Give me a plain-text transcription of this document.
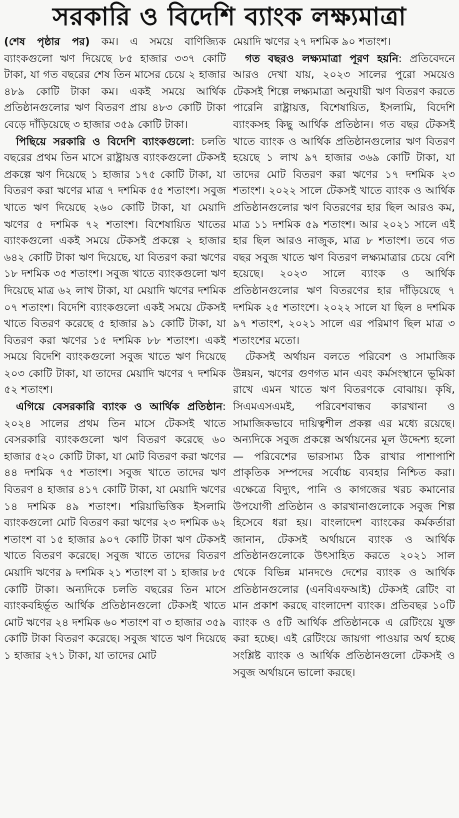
সরকারি ও বিদেশি ব্যাংক লক্ষ্যমাত্রা

(শেষ পৃষ্ঠার পর) কম। এ সময়ে বাণিজ্যিক ব্যাংকগুলো ঋণ দিয়েছে ৮৫ হাজার ৩৩৭ কোটি টাকা, যা গত বছরের শেষ তিন মাসের চেয়ে ২ হাজার ৪৮৯ কোটি টাকা কম। একই সময়ে আর্থিক প্রতিষ্ঠানগুলোর ঋণ বিতরণ প্রায় ৪৮৩ কোটি টাকা বেড়ে দাঁড়িয়েছে ৩ হাজার ৩৫৯ কোটি টাকা।

পিছিয়ে সরকারি ও বিদেশি ব্যাংকগুলো: চলতি বছরের প্রথম তিন মাসে রাষ্ট্রায়ত্ত ব্যাংকগুলো টেকসই প্রকল্পে ঋণ দিয়েছে ১ হাজার ১৭৫ কোটি টাকা, যা বিতরণ করা ঋণের মাত্র ৭ দশমিক ৫৫ শতাংশ। সবুজ খাতে ঋণ দিয়েছে ২৬০ কোটি টাকা, যা মেয়াদি ঋণের ৫ দশমিক ৭২ শতাংশ। বিশেষায়িত খাতের ব্যাংকগুলো একই সময়ে টেকসই প্রকল্পে ২ হাজার ৬৪২ কোটি টাকা ঋণ দিয়েছে, যা বিতরণ করা ঋণের ১৮ দশমিক ৩৫ শতাংশ। সবুজ খাতে ব্যাংকগুলো ঋণ দিয়েছে মাত্র ৬২ লাখ টাকা, যা মেয়াদি ঋণের দশমিক ০৭ শতাংশ। বিদেশি ব্যাংকগুলো একই সময়ে টেকসই খাতে বিতরণ করেছে ৫ হাজার ৯১ কোটি টাকা, যা বিতরণ করা ঋণের ১৫ দশমিক ৮৮ শতাংশ। একই সময়ে বিদেশি ব্যাংকগুলো সবুজ খাতে ঋণ দিয়েছে ২০৩ কোটি টাকা, যা তাদের মেয়াদি ঋণের ৭ দশমিক ৫২ শতাংশ।

এগিয়ে বেসরকারি ব্যাংক ও আর্থিক প্রতিষ্ঠান: ২০২৪ সালের প্রথম তিন মাসে টেকসই খাতে বেসরকারি ব্যাংকগুলো ঋণ বিতরণ করেছে ৬০ হাজার ৫২০ কোটি টাকা, যা মোট বিতরণ করা ঋণের ৪৪ দশমিক ৭৫ শতাংশ। সবুজ খাতে তাদের ঋণ বিতরণ ৪ হাজার ৪১৭ কোটি টাকা, যা মেয়াদি ঋণের ১৪ দশমিক ৪৯ শতাংশ। শরিয়াভিত্তিক ইসলামি ব্যাংকগুলো মোট বিতরণ করা ঋণের ২৩ দশমিক ৬২ শতাংশ বা ১৫ হাজার ৯০৭ কোটি টাকা ঋণ টেকসই খাতে বিতরণ করেছে। সবুজ খাতে তাদের বিতরণ মেয়াদি ঋণের ৯ দশমিক ২১ শতাংশ বা ১ হাজার ৮৫ কোটি টাকা। অন্যদিকে চলতি বছরের তিন মাসে ব্যাংকবহির্ভূত আর্থিক প্রতিষ্ঠানগুলো টেকসই খাতে মোট ঋণের ২৪ দশমিক ৬০ শতাংশ বা ৩ হাজার ৩৫৯ কোটি টাকা বিতরণ করেছে। সবুজ খাতে ঋণ দিয়েছে ১ হাজার ২৭১ টাকা, যা তাদের মোট

মেয়াদি ঋণের ২৭ দশমিক ৯০ শতাংশ।

গত বছরও লক্ষ্যমাত্রা পূরণ হয়নি: প্রতিবেদনে আরও দেখা যায়, ২০২৩ সালের পুরো সময়েও টেকসই শিল্পে লক্ষ্যমাত্রা অনুযায়ী ঋণ বিতরণ করতে পারেনি রাষ্ট্রায়ত্ত, বিশেষায়িত, ইসলামি, বিদেশি ব্যাংকসহ কিছু আর্থিক প্রতিষ্ঠান। গত বছর টেকসই খাতে ব্যাংক ও আর্থিক প্রতিষ্ঠানগুলোর ঋণ বিতরণ হয়েছে ১ লাখ ৯৭ হাজার ৩৬৯ কোটি টাকা, যা তাদের মোট বিতরণ করা ঋণের ১৭ দশমিক ২৩ শতাংশ। ২০২২ সালে টেকসই খাতে ব্যাংক ও আর্থিক প্রতিষ্ঠানগুলোর ঋণ বিতরণের হার ছিল আরও কম, মাত্র ১১ দশমিক ৫৯ শতাংশ। আর ২০২১ সালে এই হার ছিল আরও নাজুক, মাত্র ৮ শতাংশ। তবে গত বছর সবুজ খাতে ঋণ বিতরণ লক্ষ্যমাত্রার চেয়ে বেশি হয়েছে। ২০২৩ সালে ব্যাংক ও আর্থিক প্রতিষ্ঠানগুলোর ঋণ বিতরণের হার দাঁড়িয়েছে ৭ দশমিক ২৫ শতাংশে। ২০২২ সালে যা ছিল ৪ দশমিক ৯৭ শতাংশ, ২০২১ সালে এর পরিমাণ ছিল মাত্র ৩ শতাংশের মতো।

টেকসই অর্থায়ন বলতে পরিবেশ ও সামাজিক উন্নয়ন, ঋণের গুণগত মান এবং কর্মসংস্থানে ভূমিকা রাখে এমন খাতে ঋণ বিতরণকে বোঝায়। কৃষি, সিএমএসএমই, পরিবেশবান্ধব কারখানা ও সামাজিকভাবে দায়িত্বশীল প্রকল্প এর মধ্যে রয়েছে। অন্যদিকে সবুজ প্রকল্পে অর্থায়নের মূল উদ্দেশ্য হলো— পরিবেশের ভারসাম্য ঠিক রাখার পাশাপাশি প্রাকৃতিক সম্পদের সর্বোচ্চ ব্যবহার নিশ্চিত করা। এক্ষেত্রে বিদ্যুৎ, পানি ও কাগজের খরচ কমানোর উপযোগী প্রতিষ্ঠান ও কারখানাগুলোকে সবুজ শিল্প হিসেবে ধরা হয়। বাংলাদেশ ব্যাংকের কর্মকর্তারা জানান, টেকসই অর্থায়নে ব্যাংক ও আর্থিক প্রতিষ্ঠানগুলোকে উৎসাহিত করতে ২০২১ সাল থেকে বিভিন্ন মানদণ্ডে দেশের ব্যাংক ও আর্থিক প্রতিষ্ঠানগুলোর (এনবিএফআই) টেকসই রেটিং বা মান প্রকাশ করছে বাংলাদেশ ব্যাংক। প্রতিবছর ১০টি ব্যাংক ও ৫টি আর্থিক প্রতিষ্ঠানকে এ রেটিংয়ে যুক্ত করা হচ্ছে। এই রেটিংয়ে জায়গা পাওয়ার অর্থ হচ্ছে সংশ্লিষ্ট ব্যাংক ও আর্থিক প্রতিষ্ঠানগুলো টেকসই ও সবুজ অর্থায়নে ভালো করছে।
